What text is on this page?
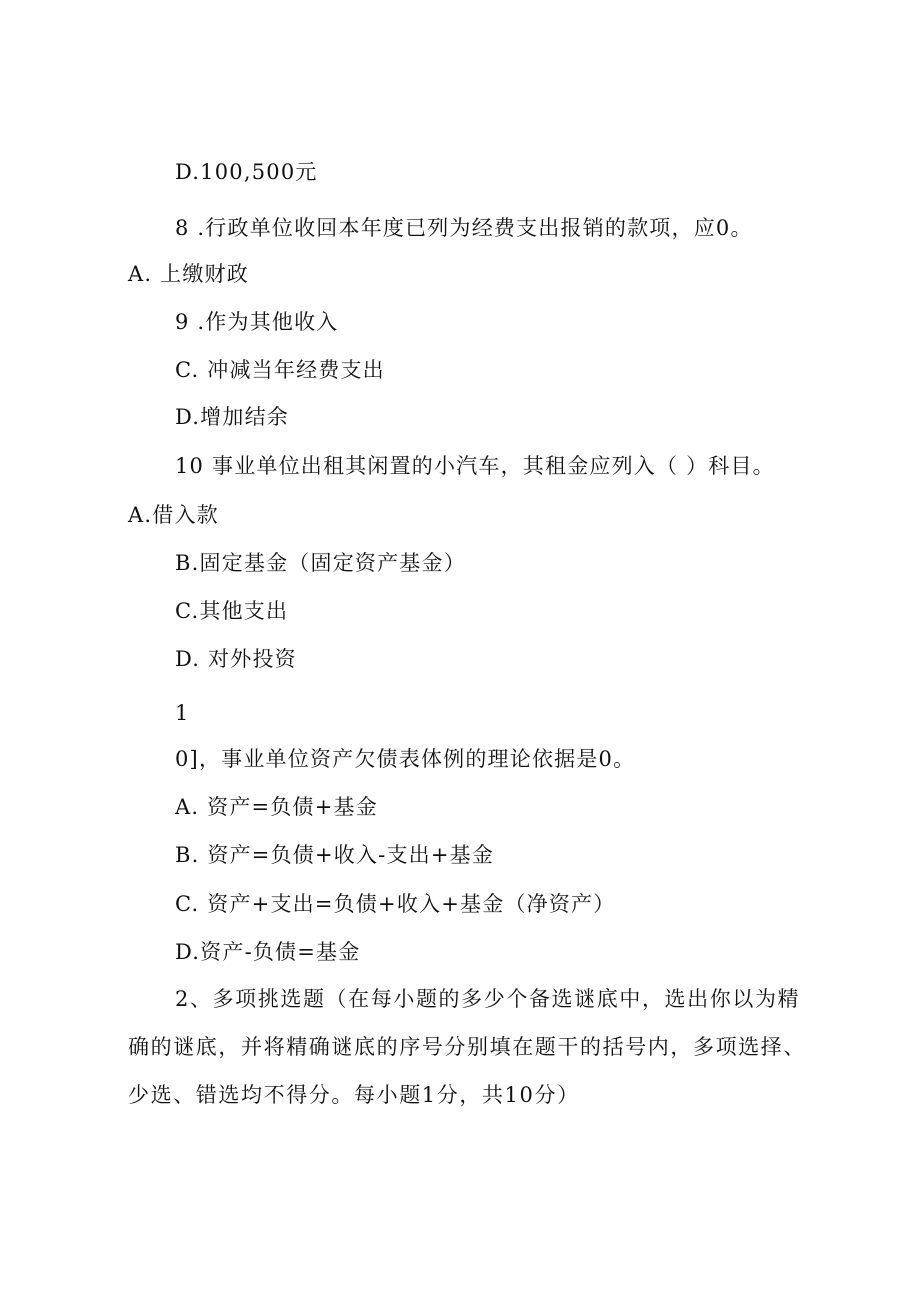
D.100,500元
8 .行政单位收回本年度已列为经费支出报销的款项，应0。
A. 上缴财政
9 .作为其他收入
C. 冲减当年经费支出
D.增加结余
10 事业单位出租其闲置的小汽车，其租金应列入（ ）科目。
A.借入款
B.固定基金（固定资产基金）
C.其他支出
D. 对外投资
1
0]，事业单位资产欠债表体例的理论依据是0。
A. 资产=负债+基金
B. 资产=负债+收入-支出+基金
C. 资产+支出=负债+收入+基金（净资产）
D.资产-负债=基金
2、多项挑选题（在每小题的多少个备选谜底中，选出你以为精确的谜底，并将精确谜底的序号分别填在题干的括号内，多项选择、少选、错选均不得分。每小题1分，共10分）
